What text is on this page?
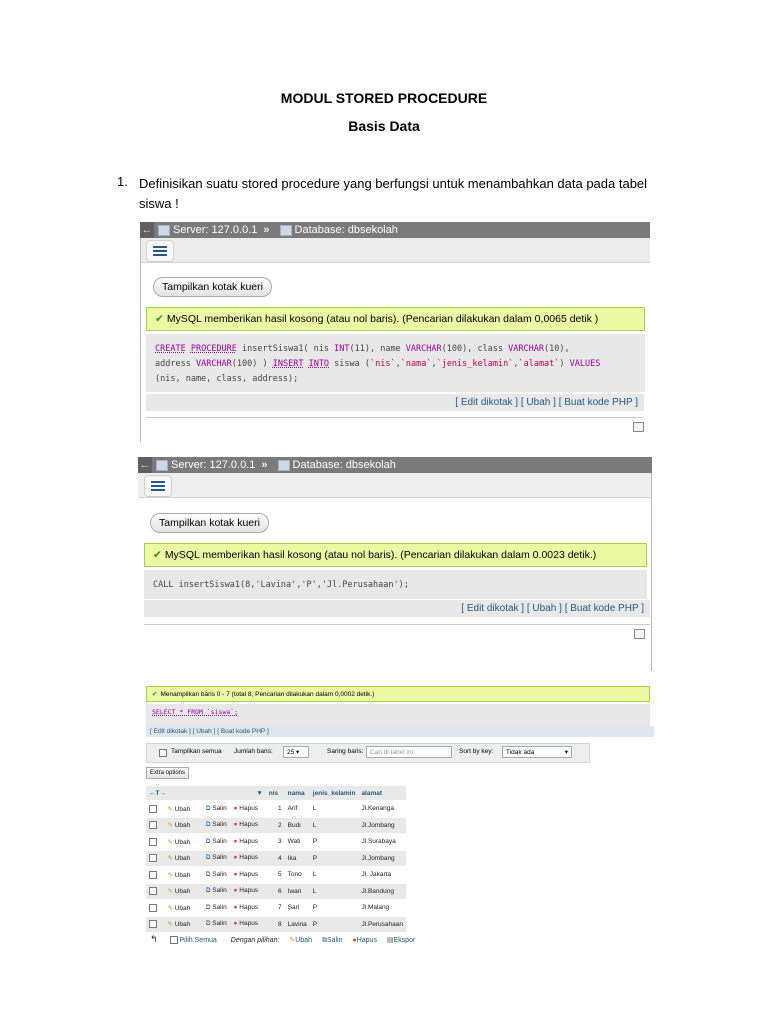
MODUL STORED PROCEDURE
Basis Data
1. Definisikan suatu stored procedure yang berfungsi untuk menambahkan data pada tabel siswa !
← Server: 127.0.0.1 » Database: dbsekolah
Tampilkan kotak kueri
✔ MySQL memberikan hasil kosong (atau nol baris). (Pencarian dilakukan dalam 0,0065 detik )
CREATE PROCEDURE insertSiswa1( nis INT(11), name VARCHAR(100), class VARCHAR(10),
address VARCHAR(100) ) INSERT INTO siswa (`nis`,`nama`,`jenis_kelamin`,`alamat`) VALUES
(nis, name, class, address);
[ Edit dikotak ] [ Ubah ] [ Buat kode PHP ]
← Server: 127.0.0.1 » Database: dbsekolah
Tampilkan kotak kueri
✔ MySQL memberikan hasil kosong (atau nol baris). (Pencarian dilakukan dalam 0.0023 detik.)
CALL insertSiswa1(8,'Lavina','P','Jl.Perusahaan');
[ Edit dikotak ] [ Ubah ] [ Buat kode PHP ]
✔ Menampilkan baris 0 - 7 (total 8, Pencarian dilakukan dalam 0,0002 detik.)
SELECT * FROM `siswa`;
[ Edit dikotak ] [ Ubah ] [ Buat kode PHP ]
Tampilkan semua Jumlah baris:	25 ▾	Saring baris:	Cari di tabel ini	Sort by key:	Tidak ada	▾
Extra options
←T→ ▼			nis	nama	jenis_kelamin	alamat
	✎ Ubah	⧉ Salin ● Hapus	1	Arif	L	Jl.Kenanga
	✎ Ubah	⧉ Salin ● Hapus	2	Budi	L	Jl.Jombang
	✎ Ubah	⧉ Salin ● Hapus	3	Wati	P	Jl.Surabaya
	✎ Ubah	⧉ Salin ● Hapus	4	Ika	P	Jl.Jombang
	✎ Ubah	⧉ Salin ● Hapus	5	Tono	L	Jl. Jakarta
	✎ Ubah	⧉ Salin ● Hapus	6	Iwan	L	Jl.Bandung
	✎ Ubah	⧉ Salin ● Hapus	7	Sari	P	Jl.Malang
	✎ Ubah	⧉ Salin ● Hapus	8	Lavina	P	Jl.Perusahaan
↰	Pilih Semua Dengan pilihan: ✎Ubah ⧉Salin ●Hapus ▤Ekspor
